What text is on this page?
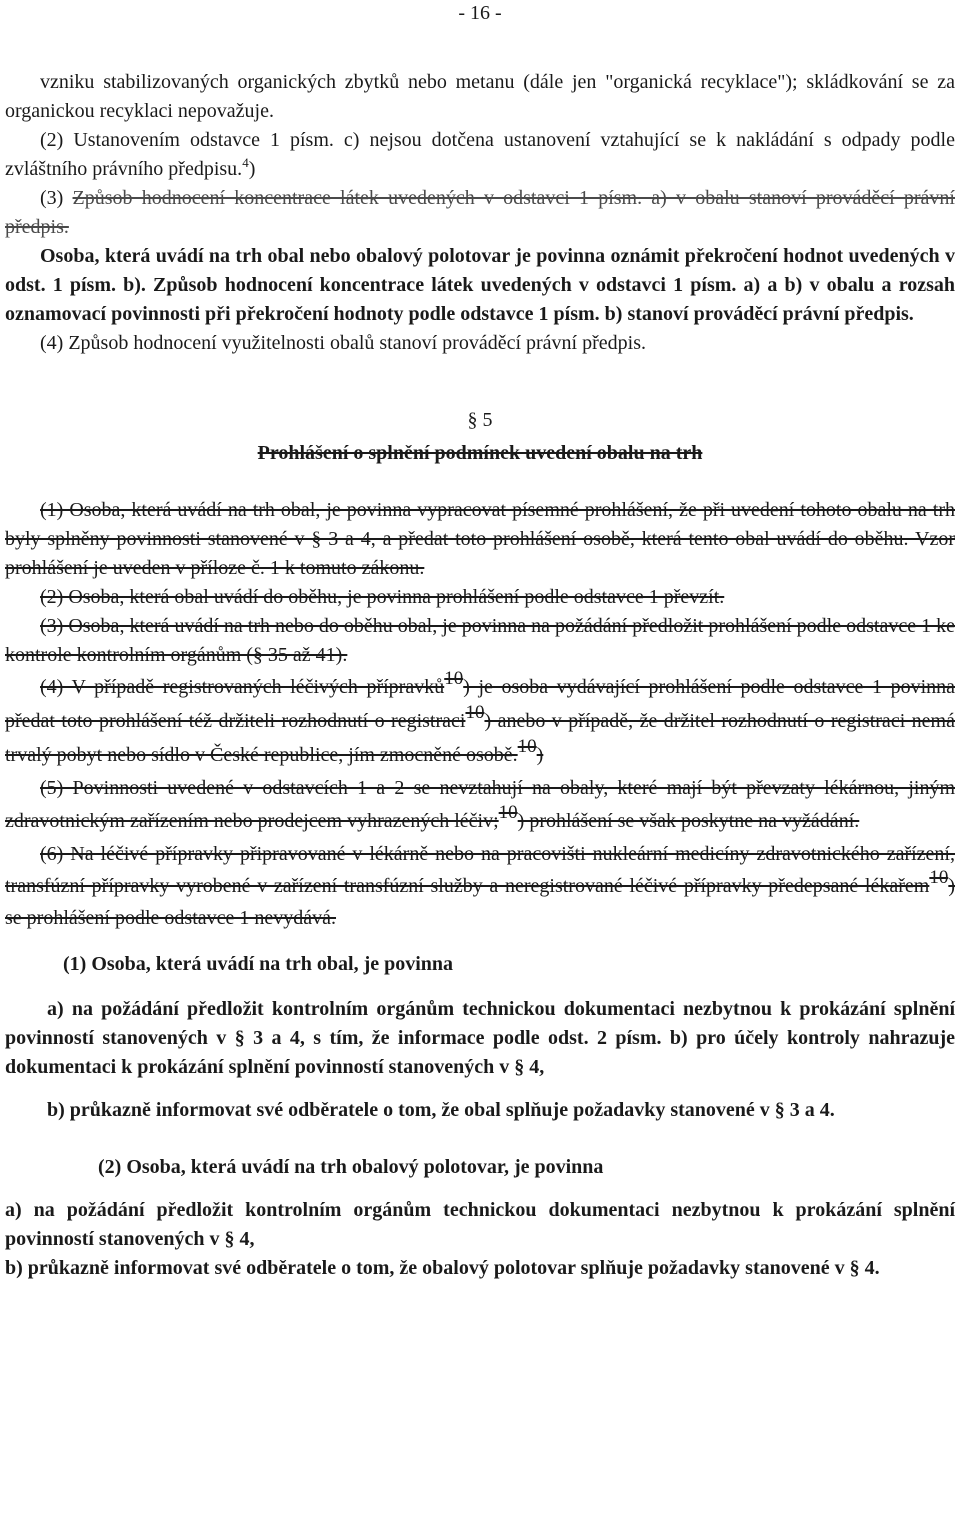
- 16 -

vzniku stabilizovaných organických zbytků nebo metanu (dále jen "organická recyklace"); skládkování se za organickou recyklaci nepovažuje.

(2) Ustanovením odstavce 1 písm. c) nejsou dotčena ustanovení vztahující se k nakládání s odpady podle zvláštního právního předpisu.$^4$)

(3) Způsob hodnocení koncentrace látek uvedených v odstavci 1 písm. a) v obalu stanoví prováděcí právní předpis.

Osoba, která uvádí na trh obal nebo obalový polotovar je povinna oznámit překročení hodnot uvedených v odst. 1 písm. b). Způsob hodnocení koncentrace látek uvedených v odstavci 1 písm. a) a b) v obalu a rozsah oznamovací povinnosti při překročení hodnoty podle odstavce 1 písm. b) stanoví prováděcí právní předpis.

(4) Způsob hodnocení využitelnosti obalů stanoví prováděcí právní předpis.

§ 5

Prohlášení o splnění podmínek uvedení obalu na trh

(1) Osoba, která uvádí na trh obal, je povinna vypracovat písemné prohlášení, že při uvedení tohoto obalu na trh byly splněny povinnosti stanovené v § 3 a 4, a předat toto prohlášení osobě, která tento obal uvádí do oběhu. Vzor prohlášení je uveden v příloze č. 1 k tomuto zákonu.

(2) Osoba, která obal uvádí do oběhu, je povinna prohlášení podle odstavce 1 převzít.

(3) Osoba, která uvádí na trh nebo do oběhu obal, je povinna na požádání předložit prohlášení podle odstavce 1 ke kontrole kontrolním orgánům (§ 35 až 41).

(4) V případě registrovaných léčivých přípravků10) je osoba vydávající prohlášení podle odstavce 1 povinna předat toto prohlášení též držiteli rozhodnutí o registraci10) anebo v případě, že držitel rozhodnutí o registraci nemá trvalý pobyt nebo sídlo v České republice, jím zmocněné osobě.10)

(5) Povinnosti uvedené v odstavcích 1 a 2 se nevztahují na obaly, které mají být převzaty lékárnou, jiným zdravotnickým zařízením nebo prodejcem vyhrazených léčiv;10) prohlášení se však poskytne na vyžádání.

(6) Na léčivé přípravky připravované v lékárně nebo na pracovišti nukleární medicíny zdravotnického zařízení, transfúzní přípravky vyrobené v zařízení transfúzní služby a neregistrované léčivé přípravky předepsané lékařem10) se prohlášení podle odstavce 1 nevydává.

(1) Osoba, která uvádí na trh obal, je povinna

a) na požádání předložit kontrolním orgánům technickou dokumentaci nezbytnou k prokázání splnění povinností stanovených v § 3 a 4, s tím, že informace podle odst. 2 písm. b) pro účely kontroly nahrazuje dokumentaci k prokázání splnění povinností stanovených v § 4,

b) průkazně informovat své odběratele o tom, že obal splňuje požadavky stanovené v § 3 a 4.

(2) Osoba, která uvádí na trh obalový polotovar, je povinna

a) na požádání předložit kontrolním orgánům technickou dokumentaci nezbytnou k prokázání splnění povinností stanovených v § 4,

b) průkazně informovat své odběratele o tom, že obalový polotovar splňuje požadavky stanovené v § 4.
